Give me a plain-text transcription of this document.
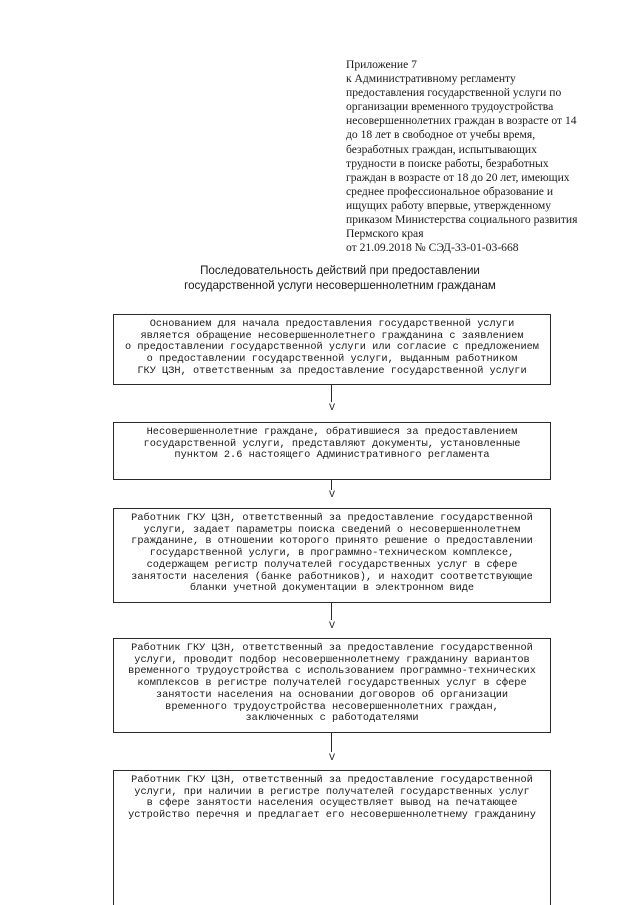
Приложение 7
к Административному регламенту
предоставления государственной услуги по
организации временного трудоустройства
несовершеннолетних граждан в возрасте от 14
до 18 лет в свободное от учебы время,
безработных граждан, испытывающих
трудности в поиске работы, безработных
граждан в возрасте от 18 до 20 лет, имеющих
среднее профессиональное образование и
ищущих работу впервые, утвержденному
приказом Министерства социального развития
Пермского края
от 21.09.2018 № СЭД-33-01-03-668
Последовательность действий при предоставлении
государственной услуги несовершеннолетним гражданам
Основанием для начала предоставления государственной услуги
является обращение несовершеннолетнего гражданина с заявлением
о предоставлении государственной услуги или согласие с предложением
о предоставлении государственной услуги, выданным работником
ГКУ ЦЗН, ответственным за предоставление государственной услуги
V
Несовершеннолетние граждане, обратившиеся за предоставлением
государственной услуги, представляют документы, установленные
пунктом 2.6 настоящего Административного регламента
V
Работник ГКУ ЦЗН, ответственный за предоставление государственной
услуги, задает параметры поиска сведений о несовершеннолетнем
гражданине, в отношении которого принято решение о предоставлении
государственной услуги, в программно-техническом комплексе,
содержащем регистр получателей государственных услуг в сфере
занятости населения (банке работников), и находит соответствующие
бланки учетной документации в электронном виде
V
Работник ГКУ ЦЗН, ответственный за предоставление государственной
услуги, проводит подбор несовершеннолетнему гражданину вариантов
временного трудоустройства с использованием программно-технических
комплексов в регистре получателей государственных услуг в сфере
занятости населения на основании договоров об организации
временного трудоустройства несовершеннолетних граждан,
заключенных с работодателями
V
Работник ГКУ ЦЗН, ответственный за предоставление государственной
услуги, при наличии в регистре получателей государственных услуг
в сфере занятости населения осуществляет вывод на печатающее
устройство перечня и предлагает его несовершеннолетнему гражданину
